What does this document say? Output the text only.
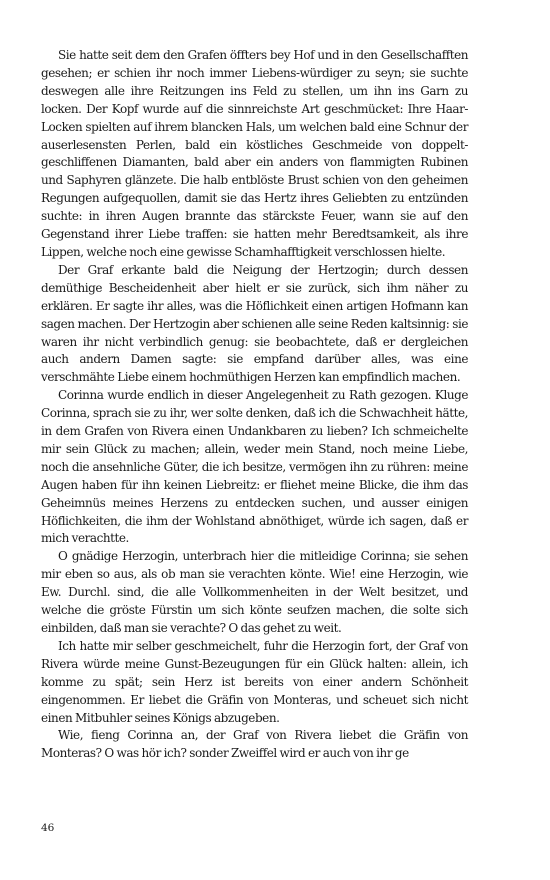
Sie hatte seit dem den Grafen öffters bey Hof und in den Gesellschafften gesehen; er schien ihr noch immer Liebens-würdiger zu seyn; sie suchte deswegen alle ihre Reitzungen ins Feld zu stellen, um ihn ins Garn zu locken. Der Kopf wurde auf die sinnreichste Art geschmücket: Ihre Haar-Locken spielten auf ihrem blancken Hals, um welchen bald eine Schnur der auserlesensten Perlen, bald ein köstliches Geschmeide von doppelt-geschliffenen Diamanten, bald aber ein anders von flammigten Rubinen und Saphyren glänzete. Die halb entblöste Brust schien von den geheimen Regungen aufgequollen, damit sie das Hertz ihres Geliebten zu entzünden suchte: in ihren Augen brannte das stärckste Feuer, wann sie auf den Gegenstand ihrer Liebe traffen: sie hatten mehr Beredtsamkeit, als ihre Lippen, welche noch eine gewisse Schamhafftigkeit verschlossen hielte.

Der Graf erkante bald die Neigung der Hertzogin; durch dessen demüthige Bescheidenheit aber hielt er sie zurück, sich ihm näher zu erklären. Er sagte ihr alles, was die Höflichkeit einen artigen Hofmann kan sagen machen. Der Hertzogin aber schienen alle seine Reden kaltsinnig: sie waren ihr nicht verbindlich genug: sie beobachtete, daß er dergleichen auch andern Damen sagte: sie empfand darüber alles, was eine verschmähte Liebe einem hochmüthigen Herzen kan empfindlich machen.

Corinna wurde endlich in dieser Angelegenheit zu Rath gezogen. Kluge Corinna, sprach sie zu ihr, wer solte denken, daß ich die Schwachheit hätte, in dem Grafen von Rivera einen Undankbaren zu lieben? Ich schmeichelte mir sein Glück zu machen; allein, weder mein Stand, noch meine Liebe, noch die ansehnliche Güter, die ich besitze, vermögen ihn zu rühren: meine Augen haben für ihn keinen Liebreitz: er fliehet meine Blicke, die ihm das Geheimnüs meines Herzens zu entdecken suchen, und ausser einigen Höflichkeiten, die ihm der Wohlstand abnöthiget, würde ich sagen, daß er mich verachtte.

O gnädige Herzogin, unterbrach hier die mitleidige Corinna; sie sehen mir eben so aus, als ob man sie verachten könte. Wie! eine Herzogin, wie Ew. Durchl. sind, die alle Vollkommenheiten in der Welt besitzet, und welche die gröste Fürstin um sich könte seufzen machen, die solte sich einbilden, daß man sie verachte? O das gehet zu weit.

Ich hatte mir selber geschmeichelt, fuhr die Herzogin fort, der Graf von Rivera würde meine Gunst-Bezeugungen für ein Glück halten: allein, ich komme zu spät; sein Herz ist bereits von einer andern Schönheit eingenommen. Er liebet die Gräfin von Monteras, und scheuet sich nicht einen Mitbuhler seines Königs abzugeben.

Wie, fieng Corinna an, der Graf von Rivera liebet die Gräfin von Monteras? O was hör ich? sonder Zweiffel wird er auch von ihr ge

46
